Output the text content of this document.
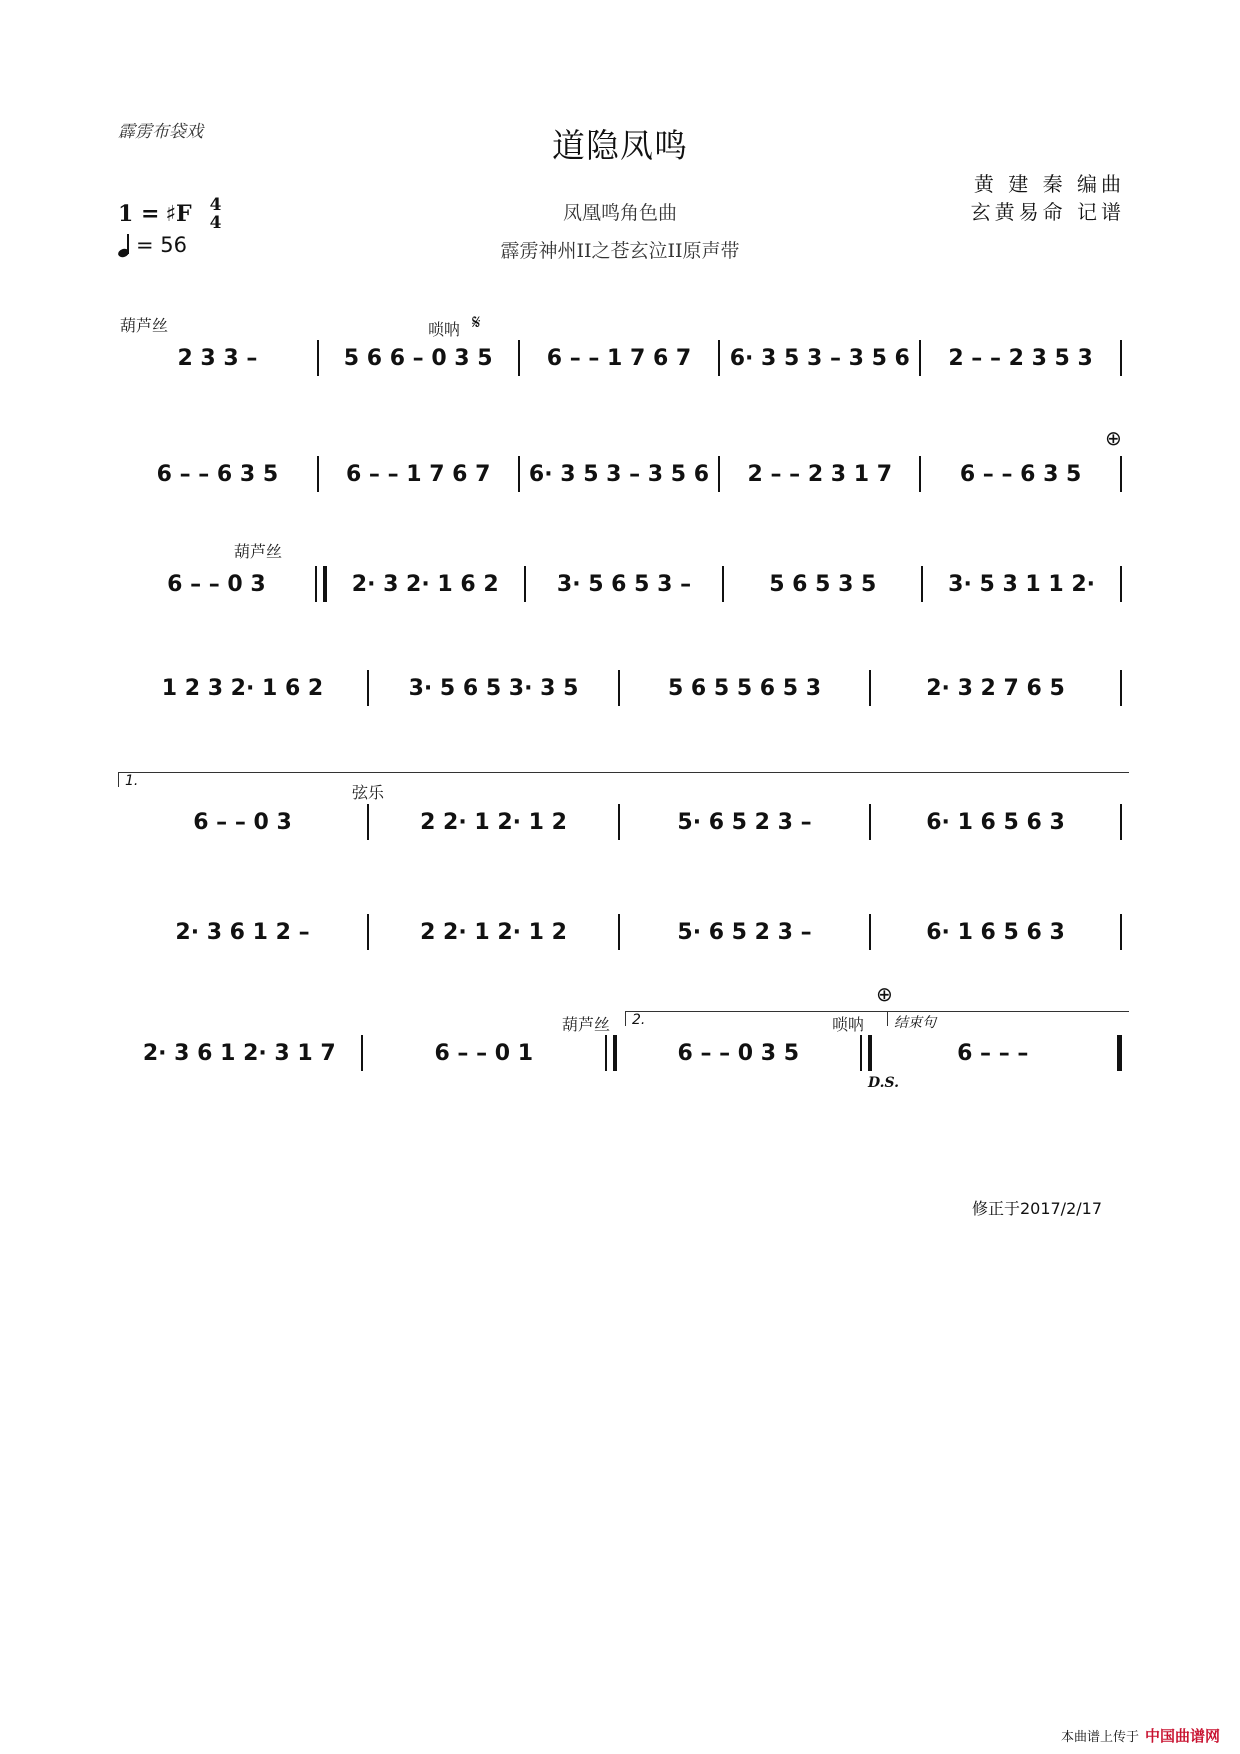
霹雳布袋戏	道隐凤鸣
黄 建 秦 编曲
玄黄易命 记谱
凤凰鸣角色曲
霹雳神州II之苍玄泣II原声带
1 = ♯F 4
4
= 56
葫芦丝	唢呐 𝄋
2 3 3 –	5 6 6 – 0 3 5	6 – – 1 7 6 7	6· 3 5 3 – 3 5 6	2 – – 2 3 5 3
⊕
6 – – 6 3 5	6 – – 1 7 6 7	6· 3 5 3 – 3 5 6	2 – – 2 3 1 7	6 – – 6 3 5
葫芦丝
6 – – 0 3	2· 3 2· 1 6 2	3· 5 6 5 3 –	5 6 5 3 5	3· 5 3 1 1 2·
1 2 3 2· 1 6 2	3· 5 6 5 3· 3 5	5 6 5 5 6 5 3	2· 3 2 7 6 5
1.
弦乐
6 – – 0 3	2 2· 1 2· 1 2	5· 6 5 2 3 –	6· 1 6 5 6 3
2· 3 6 1 2 –	2 2· 1 2· 1 2	5· 6 5 2 3 –	6· 1 6 5 6 3
⊕
2.	结束句
葫芦丝	唢呐
2· 3 6 1 2· 3 1 7	6 – – 0 1	6 – – 0 3 5	6 – – –
D.S.
修正于2017/2/17
本曲谱上传于 中国曲谱网
